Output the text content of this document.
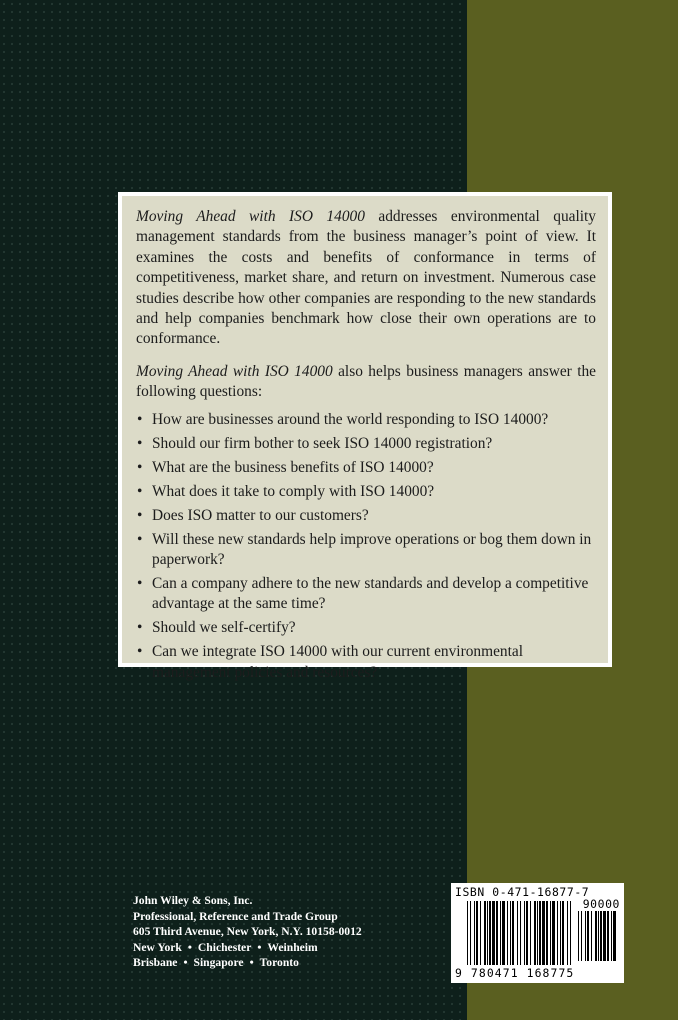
Moving Ahead with ISO 14000 addresses environmental quality management standards from the business manager’s point of view. It examines the costs and benefits of conformance in terms of competitiveness, market share, and return on investment. Numerous case studies describe how other companies are responding to the new standards and help companies benchmark how close their own operations are to conformance.

Moving Ahead with ISO 14000 also helps business managers answer the following questions:

• How are businesses around the world responding to ISO 14000?
• Should our firm bother to seek ISO 14000 registration?
• What are the business benefits of ISO 14000?
• What does it take to comply with ISO 14000?
• Does ISO matter to our customers?
• Will these new standards help improve operations or bog them down in paperwork?
• Can a company adhere to the new standards and develop a competitive advantage at the same time?
• Should we self-certify?
• Can we integrate ISO 14000 with our current environmental management policies and resources?
John Wiley & Sons, Inc.
Professional, Reference and Trade Group
605 Third Avenue, New York, N.Y. 10158-0012
New York • Chichester • Weinheim
Brisbane • Singapore • Toronto
ISBN 0-471-16877-7
90000
9 780471 168775
